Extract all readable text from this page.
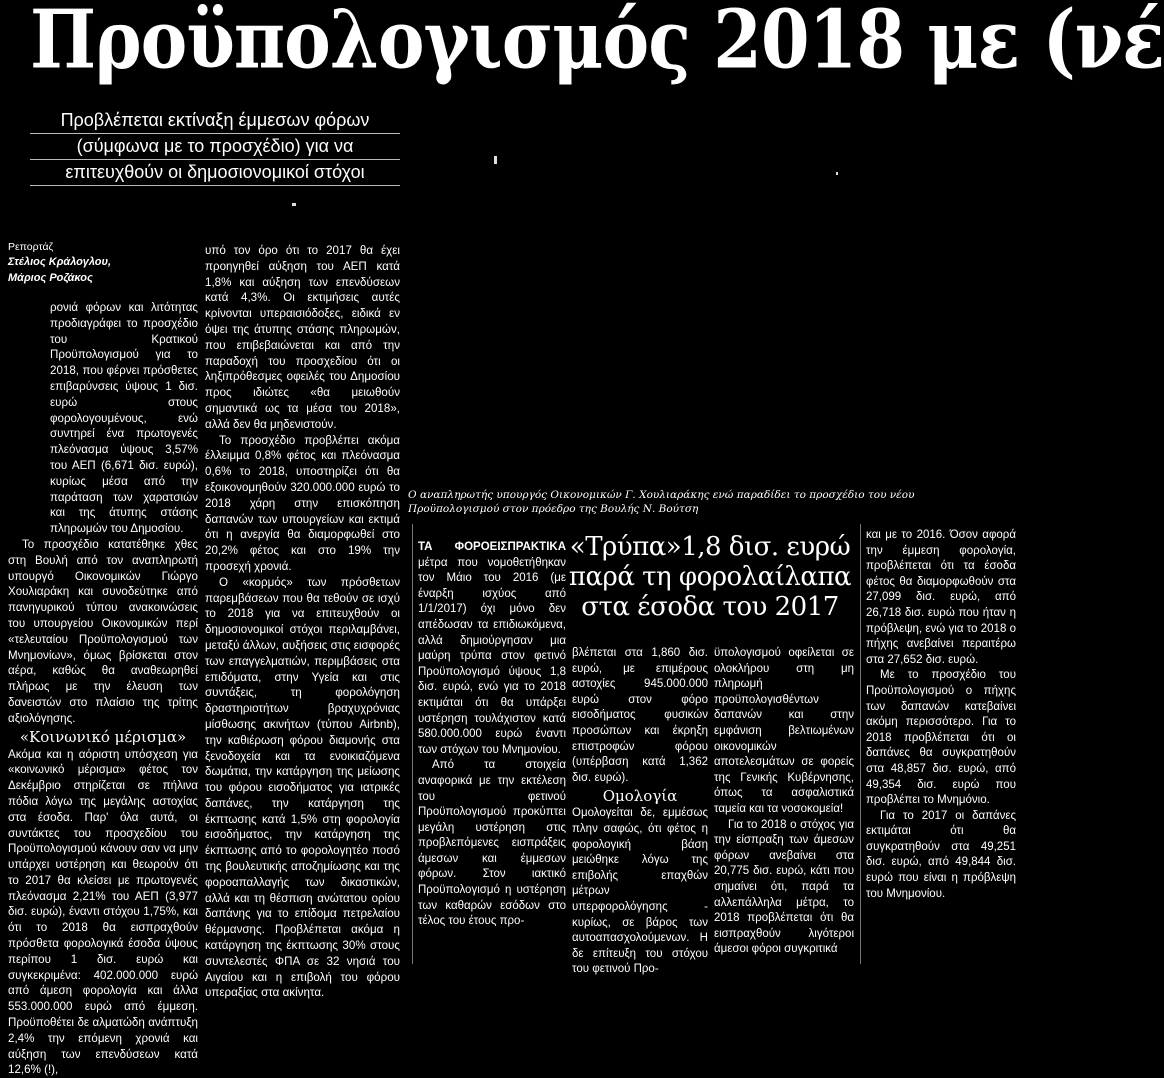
Προϋπολογισμός 2018 με (νέ
Προβλέπεται εκτίναξη έμμεσων φόρων
(σύμφωνα με το προσχέδιο) για να
επιτευχθούν οι δημοσιονομικοί στόχοι
Ρεπορτάζ
Στέλιος Κράλογλου,
Μάριος Ροζάκος

ρονιά φόρων και λιτότητας προδιαγράφει το προσχέδιο του Κρατικού Προϋπολογισμού για το 2018, που φέρνει πρόσθετες επιβαρύνσεις ύψους 1 δισ. ευρώ στους φορολογουμένους, ενώ συντηρεί ένα πρωτογενές πλεόνασμα ύψους 3,57% του ΑΕΠ (6,671 δισ. ευρώ), κυρίως μέσα από την παράταση των χαρατσιών και της άτυπης στάσης πληρωμών του Δημοσίου.

Το προσχέδιο κατατέθηκε χθες στη Βουλή από τον αναπληρωτή υπουργό Οικονομικών Γιώργο Χουλιαράκη και συνοδεύτηκε από πανηγυρικού τύπου ανακοινώσεις του υπουργείου Οικονομικών περί «τελευταίου Προϋπολογισμού των Μνημονίων», όμως βρίσκεται στον αέρα, καθώς θα αναθεωρηθεί πλήρως με την έλευση των δανειστών στο πλαίσιο της τρίτης αξιολόγησης.

«Κοινωνικό μέρισμα»

Ακόμα και η αόριστη υπόσχεση για «κοινωνικό μέρισμα» φέτος τον Δεκέμβριο στηρίζεται σε πήλινα πόδια λόγω της μεγάλης αστοχίας στα έσοδα. Παρ' όλα αυτά, οι συντάκτες του προσχεδίου του Προϋπολογισμού κάνουν σαν να μην υπάρχει υστέρηση και θεωρούν ότι το 2017 θα κλείσει με πρωτογενές πλεόνασμα 2,21% του ΑΕΠ (3,977 δισ. ευρώ), έναντι στόχου 1,75%, και ότι το 2018 θα εισπραχθούν πρόσθετα φορολογικά έσοδα ύψους περίπου 1 δισ. ευρώ και συγκεκριμένα: 402.000.000 ευρώ από άμεση φορολογία και άλλα 553.000.000 ευρώ από έμμεση. Προϋποθέτει δε αλματώδη ανάπτυξη 2,4% την επόμενη χρονιά και αύξηση των επενδύσεων κατά 12,6% (!),

υπό τον όρο ότι το 2017 θα έχει προηγηθεί αύξηση του ΑΕΠ κατά 1,8% και αύξηση των επενδύσεων κατά 4,3%. Οι εκτιμήσεις αυτές κρίνονται υπεραισιόδοξες, ειδικά εν όψει της άτυπης στάσης πληρωμών, που επιβεβαιώνεται και από την παραδοχή του προσχεδίου ότι οι ληξιπρόθεσμες οφειλές του Δημοσίου προς ιδιώτες «θα μειωθούν σημαντικά ως τα μέσα του 2018», αλλά δεν θα μηδενιστούν.

Το προσχέδιο προβλέπει ακόμα έλλειμμα 0,8% φέτος και πλεόνασμα 0,6% το 2018, υποστηρίζει ότι θα εξοικονομηθούν 320.000.000 ευρώ το 2018 χάρη στην επισκόπηση δαπανών των υπουργείων και εκτιμά ότι η ανεργία θα διαμορφωθεί στο 20,2% φέτος και στο 19% την προσεχή χρονιά.

Ο «κορμός» των πρόσθετων παρεμβάσεων που θα τεθούν σε ισχύ το 2018 για να επιτευχθούν οι δημοσιονομικοί στόχοι περιλαμβάνει, μεταξύ άλλων, αυξήσεις στις εισφορές των επαγγελματιών, περιμβάσεις στα επιδόματα, στην Υγεία και στις συντάξεις, τη φορολόγηση δραστηριοτήτων βραχυχρόνιας μίσθωσης ακινήτων (τύπου Airbnb), την καθιέρωση φόρου διαμονής στα ξενοδοχεία και τα ενοικιαζόμενα δωμάτια, την κατάργηση της μείωσης του φόρου εισοδήματος για ιατρικές δαπάνες, την κατάργηση της έκπτωσης κατά 1,5% στη φορολογία εισοδήματος, την κατάργηση της έκπτωσης από το φορολογητέο ποσό της βουλευτικής αποζημίωσης και της φοροαπαλλαγής των δικαστικών, αλλά και τη θέσπιση ανώτατου ορίου δαπάνης για το επίδομα πετρελαίου θέρμανσης. Προβλέπεται ακόμα η κατάργηση της έκπτωσης 30% στους συντελεστές ΦΠΑ σε 32 νησιά του Αιγαίου και η επιβολή του φόρου υπεραξίας στα ακίνητα.

Ο αναπληρωτής υπουργός Οικονομικών Γ. Χουλιαράκης ενώ παραδίδει το προσχέδιο του νέου Προϋπολογισμού στον πρόεδρο της Βουλής Ν. Βούτση
«Τρύπα»1,8 δισ. ευρώ παρά τη φορολαίλαπα στα έσοδα του 2017

ΤΑ ΦΟΡΟΕΙΣΠΡΑΚΤΙΚΑ μέτρα που νομοθετήθηκαν τον Μάιο του 2016 (με έναρξη ισχύος από 1/1/2017) όχι μόνο δεν απέδωσαν τα επιδιωκόμενα, αλλά δημιούργησαν μια μαύρη τρύπα στον φετινό Προϋπολογισμό ύψους 1,8 δισ. ευρώ, ενώ για το 2018 εκτιμάται ότι θα υπάρξει υστέρηση τουλάχιστον κατά 580.000.000 ευρώ έναντι των στόχων του Μνημονίου.

Από τα στοιχεία αναφορικά με την εκτέλεση του φετινού Προϋπολογισμού προκύπτει μεγάλη υστέρηση στις προβλεπόμενες εισπράξεις άμεσων και έμμεσων φόρων. Στον ιακτικό Προϋπολογισμό η υστέρηση των καθαρών εσόδων στο τέλος του έτους προ-

βλέπεται στα 1,860 δισ. ευρώ, με επιμέρους αστοχίες 945.000.000 ευρώ στον φόρο εισοδήματος φυσικών προσώπων και έκρηξη επιστροφών φόρου (υπέρβαση κατά 1,362 δισ. ευρώ).

Ομολογία

Ομολογείται δε, εμμέσως πλην σαφώς, ότι φέτος η φορολογική βάση μειώθηκε λόγω της επιβολής επαχθών μέτρων υπερφορολόγησης - κυρίως, σε βάρος των αυτοαπασχολούμενων. Η δε επίτευξη του στόχου του φετινού Προ-

ϋπολογισμού οφείλεται σε ολοκλήρου στη μη πληρωμή προϋπολογισθέντων δαπανών και στην εμφάνιση βελτιωμένων οικονομικών αποτελεσμάτων σε φορείς της Γενικής Κυβέρνησης, όπως τα ασφαλιστικά ταμεία και τα νοσοκομεία!

Για το 2018 ο στόχος για την είσπραξη των άμεσων φόρων ανεβαίνει στα 20,775 δισ. ευρώ, κάτι που σημαίνει ότι, παρά τα αλλεπάλληλα μέτρα, το 2018 προβλέπεται ότι θα εισπραχθούν λιγότεροι άμεσοι φόροι συγκριτικά

και με το 2016. Όσον αφορά την έμμεση φορολογία, προβλέπεται ότι τα έσοδα φέτος θα διαμορφωθούν στα 27,099 δισ. ευρώ, από 26,718 δισ. ευρώ που ήταν η πρόβλεψη, ενώ για το 2018 ο πήχης ανεβαίνει περαιτέρω στα 27,652 δισ. ευρώ.

Με το προσχέδιο του Προϋπολογισμού ο πήχης των δαπανών κατεβαίνει ακόμη περισσότερο. Για το 2018 προβλέπεται ότι οι δαπάνες θα συγκρατηθούν στα 48,857 δισ. ευρώ, από 49,354 δισ. ευρώ που προβλέπει το Μνημόνιο.

Για το 2017 οι δαπάνες εκτιμάται ότι θα συγκρατηθούν στα 49,251 δισ. ευρώ, από 49,844 δισ. ευρώ που είναι η πρόβλεψη του Μνημονίου.
